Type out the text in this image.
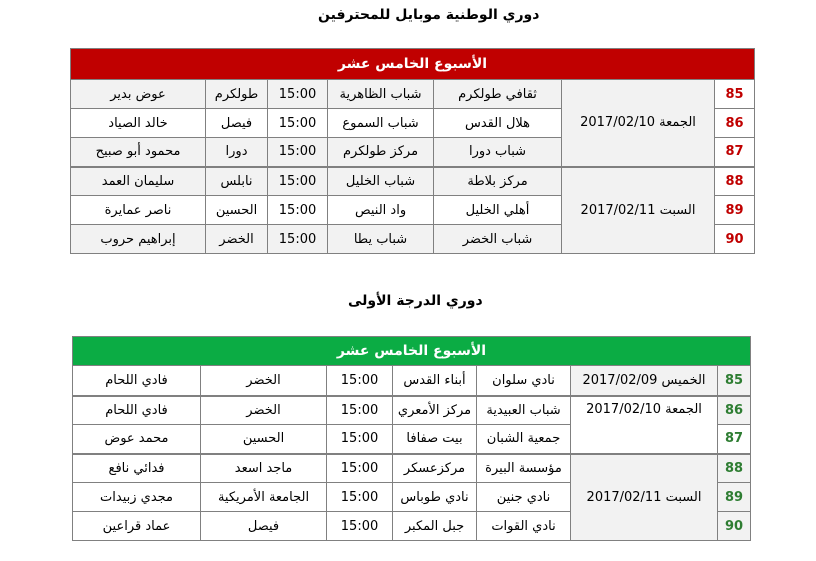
دوري الوطنية موبايل للمحترفين
الأسبوع الخامس عشر						
85	الجمعة 2017/02/10	ثقافي طولكرم	شباب الظاهرية	15:00	طولكرم	عوض بدير
86		هلال القدس	شباب السموع	15:00	فيصل	خالد الصياد
87		شباب دورا	مركز طولكرم	15:00	دورا	محمود أبو صبيح
88	السبت 2017/02/11	مركز بلاطة	شباب الخليل	15:00	نابلس	سليمان العمد
89		أهلي الخليل	واد النيص	15:00	الحسين	ناصر عمايرة
90		شباب الخضر	شباب يطا	15:00	الخضر	إبراهيم حروب
دوري الدرجة الأولى
الأسبوع الخامس عشر						
85	الخميس 2017/02/09	نادي سلوان	أبناء القدس	15:00	الخضر	فادي اللحام
86	الجمعة 2017/02/10	شباب العبيدية	مركز الأمعري	15:00	الخضر	فادي اللحام
87		جمعية الشبان	بيت صفافا	15:00	الحسين	محمد عوض
88	السبت 2017/02/11	مؤسسة البيرة	مركزعسكر	15:00	ماجد اسعد	فدائي نافع
89		نادي جنين	نادي طوباس	15:00	الجامعة الأمريكية	مجدي زبيدات
90		نادي القوات	جبل المكبر	15:00	فيصل	عماد قراعين
